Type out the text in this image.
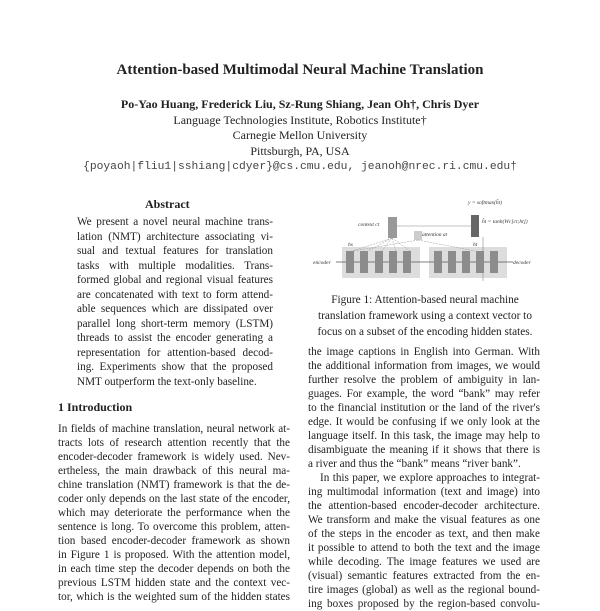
Attention-based Multimodal Neural Machine Translation
Po-Yao Huang, Frederick Liu, Sz-Rung Shiang, Jean Oh†, Chris Dyer
Language Technologies Institute, Robotics Institute†
Carnegie Mellon University
Pittsburgh, PA, USA
{poyaoh|fliu1|sshiang|cdyer}@cs.cmu.edu, jeanoh@nrec.ri.cmu.edu†
Abstract
We present a novel neural machine trans-
lation (NMT) architecture associating vi-
sual and textual features for translation
tasks with multiple modalities. Trans-
formed global and regional visual features
are concatenated with text to form attend-
able sequences which are dissipated over
parallel long short-term memory (LSTM)
threads to assist the encoder generating a
representation for attention-based decod-
ing. Experiments show that the proposed
NMT outperform the text-only baseline.
1 Introduction
In fields of machine translation, neural network at-
tracts lots of research attention recently that the
encoder-decoder framework is widely used. Nev-
ertheless, the main drawback of this neural ma-
chine translation (NMT) framework is that the de-
coder only depends on the last state of the encoder,
which may deteriorate the performance when the
sentence is long. To overcome this problem, atten-
tion based encoder-decoder framework as shown
in Figure 1 is proposed. With the attention model,
in each time step the decoder depends on both the
previous LSTM hidden state and the context vec-
tor, which is the weighted sum of the hidden states
y = softmax(h̃t)
h̃t = tanh(Wc[ct;ht])
context ct
attention at
hs	ht
encoder	decoder
Figure 1: Attention-based neural machine
translation framework using a context vector to
focus on a subset of the encoding hidden states.
the image captions in English into German. With
the additional information from images, we would
further resolve the problem of ambiguity in lan-
guages. For example, the word “bank” may refer
to the financial institution or the land of the river's
edge. It would be confusing if we only look at the
language itself. In this task, the image may help to
disambiguate the meaning if it shows that there is
a river and thus the “bank” means “river bank”.
In this paper, we explore approaches to integrat-
ing multimodal information (text and image) into
the attention-based encoder-decoder architecture.
We transform and make the visual features as one
of the steps in the encoder as text, and then make
it possible to attend to both the text and the image
while decoding. The image features we used are
(visual) semantic features extracted from the en-
tire images (global) as well as the regional bound-
ing boxes proposed by the region-based convolu-
